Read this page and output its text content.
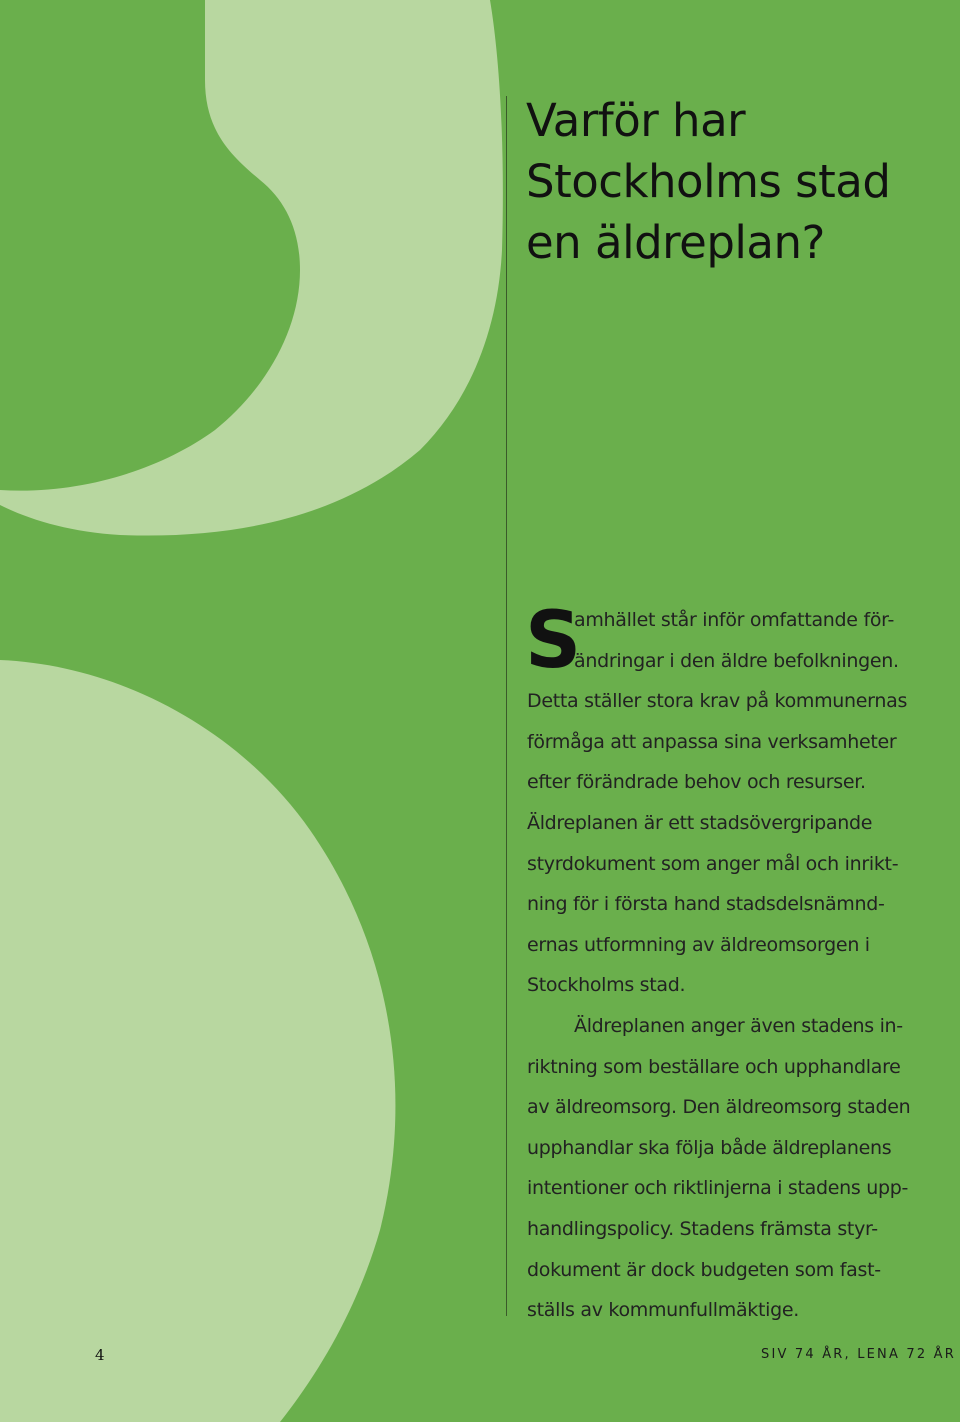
Varför har
Stockholms stad
en äldreplan?
S
amhället står inför omfattande för-
ändringar i den äldre befolkningen.
Detta ställer stora krav på kommunernas
förmåga att anpassa sina verksamheter
efter förändrade behov och resurser.
Äldreplanen är ett stadsövergripande
styrdokument som anger mål och inrikt-
ning för i första hand stadsdelsnämnd-
ernas utformning av äldreomsorgen i
Stockholms stad.
Äldreplanen anger även stadens in-
riktning som beställare och upphandlare
av äldreomsorg. Den äldreomsorg staden
upphandlar ska följa både äldreplanens
intentioner och riktlinjerna i stadens upp-
handlingspolicy. Stadens främsta styr-
dokument är dock budgeten som fast-
ställs av kommunfullmäktige.
4	SIV 74 ÅR, LENA 72 ÅR
